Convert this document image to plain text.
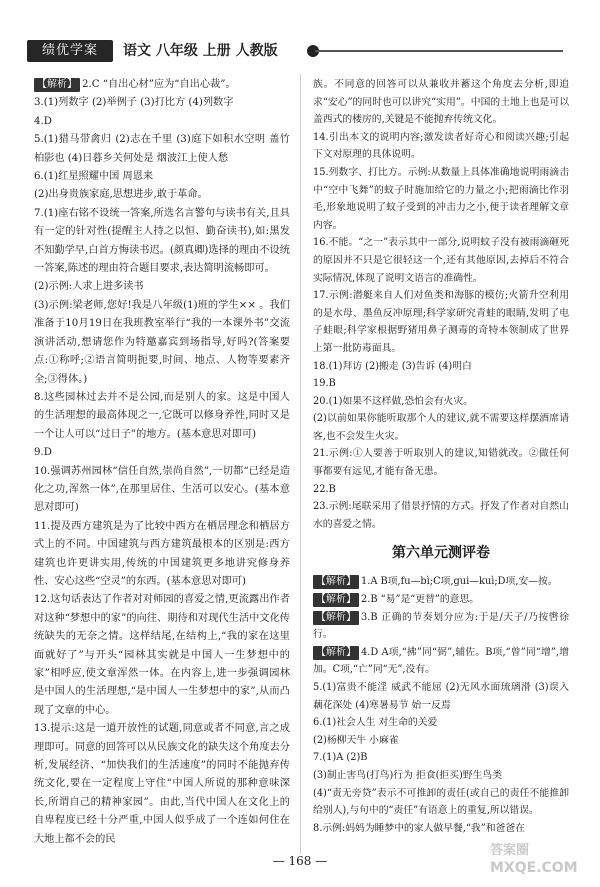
绩优学案	语文 八年级 上册 人教版

【解析】 2.C “自出心材”应为“自出心裁”。

3.(1)列数字 (2)举例子 (3)打比方 (4)列数字

4.D

5.(1)猎马带禽归 (2)志在千里 (3)庭下如积水空明 盖竹柏影也 (4)日暮乡关何处是 烟波江上使人愁

6.(1)红星照耀中国 周恩来

(2)出身贵族家庭,思想进步,敢于革命。

7.(1)座右铭不设统一答案,所选名言警句与读书有关,且具有一定的针对性(提醒主人持之以恒、勤奋读书),如:黑发不知勤学早,白首方悔读书迟。(颜真卿)选择的理由不设统一答案,陈述的理由符合题目要求,表达简明流畅即可。

(2)示例:人求上进多读书

(3)示例:梁老师,您好!我是八年级(1)班的学生×× 。我们准备于10月19日在我班教室举行“我的一本课外书”交流演讲活动,想请您作为特邀嘉宾到场指导,好吗?(答案要点:①称呼;②语言简明扼要,时间、地点、人物等要素齐全;③得体。)

8.这些园林过去并不是公园,而是别人的家。这是中国人的生活理想的最高体现之一,它既可以修身养性,同时又是一个让人可以“过日子”的地方。(基本意思对即可)

9.D

10.强调苏州园林“信任自然,崇尚自然”,一切都“已经是造化之功,浑然一体”,在那里居住、生活可以安心。(基本意思对即可)

11.提及西方建筑是为了比较中西方在栖居理念和栖居方式上的不同。中国建筑与西方建筑最根本的区别是:西方建筑也许更讲实用,传统的中国建筑更多地讲究修身养性、安心这些“空灵”的东西。(基本意思对即可)

12.这句话表达了作者对对师园的喜爱之情,更流露出作者对这种“梦想中的家”的向往、期待和对现代生活中文化传统缺失的无奈之情。这样结尾,在结构上,“我的家在这里面就好了”与开头“园林其实就是中国人一生梦想中的家”相呼应,使文章浑然一体。在内容上,进一步强调园林是中国人的生活理想,“是中国人一生梦想中的家”,从而凸现了文章的中心。

13.提示:这是一道开放性的试题,同意或者不同意,言之成理即可。同意的回答可以从民族文化的缺失这个角度去分析,发展经济、“加快我们的生活速度”的同时不能抛弃传统文化,要在一定程度上守住“中国人所说的那种意味深长,所谓自己的精神家园”。由此,当代中国人在文化上的自卑程度已经十分严重,中国人似乎成了一个连如何住在大地上都不会的民

族。不同意的回答可以从兼收并蓄这个角度去分析,即追求“安心”的同时也可以讲究“实用”。中国的土地上也是可以盖西式的楼房的,关键是不能抛弃传统文化。

14.引出本文的说明内容;激发读者好奇心和阅读兴趣;引起下文对原理的具体说明。

15.列数字、打比方。示例:从数量上具体准确地说明雨滴击中“空中飞舞”的蚊子时施加给它的力量之小;把雨滴比作羽毛,形象地说明了蚊子受到的冲击力之小,便于读者理解文章内容。

16.不能。“之一”表示其中一部分,说明蚊子没有被雨滴砸死的原因并不只是它很轻这一个,还有其他原因,去掉后不符合实际情况,体现了说明文语言的准确性。

17.示例:潜艇来自人们对鱼类和海豚的模仿;火箭升空利用的是水母、墨鱼反冲原理;科学家研究青蛙的眼睛,发明了电子蛙眼;科学家根据野猪用鼻子测毒的奇特本领制成了世界上第一批防毒面具。

18.(1)拜访 (2)搬走 (3)告诉 (4)明白

19.B

20.(1)如果不这样做,恐怕会有火灾。

(2)以前如果你能听取那个人的建议,就不需要这样摆酒席请客,也不会发生火灾。

21.示例:①人要善于听取别人的建议,知错就改。②做任何事都要有远见,才能有备无患。

22.B

23.示例:尾联采用了借景抒情的方式。抒发了作者对自然山水的喜爱之情。

第六单元测评卷

【解析】 1.A B项,fu—bì;C项,gui—kuì;D项,安—按。

【解析】 2.B “易”是“更替”的意思。

【解析】 3.B 正确的节奏划分应为:于是/天子/乃按辔徐行。

【解析】 4.D A项,“拂”同“弼”,辅佐。B项,“曾”同“增”,增加。C项,“亡”同“无”,没有。

5.(1)富贵不能淫 威武不能屈 (2)无风水面琉璃滑 (3)误入藕花深处 (4)寒暑易节 始一反焉

6.(1)社会人生 对生命的关爱

(2)杨柳天牛 小麻雀

7.(1)A (2)B

(3)制止害鸟(打鸟)行为 拒食(拒买)野生鸟类

(4)“责无旁贷”表示不可推卸的责任(或自己的责任不能推卸给别人),与句中的“责任”有语意上的重复,所以错误。

8.示例:妈妈为睡梦中的家人做早餐,“我”和爸爸在

— 168 —
答案圈
MXQE.COM
